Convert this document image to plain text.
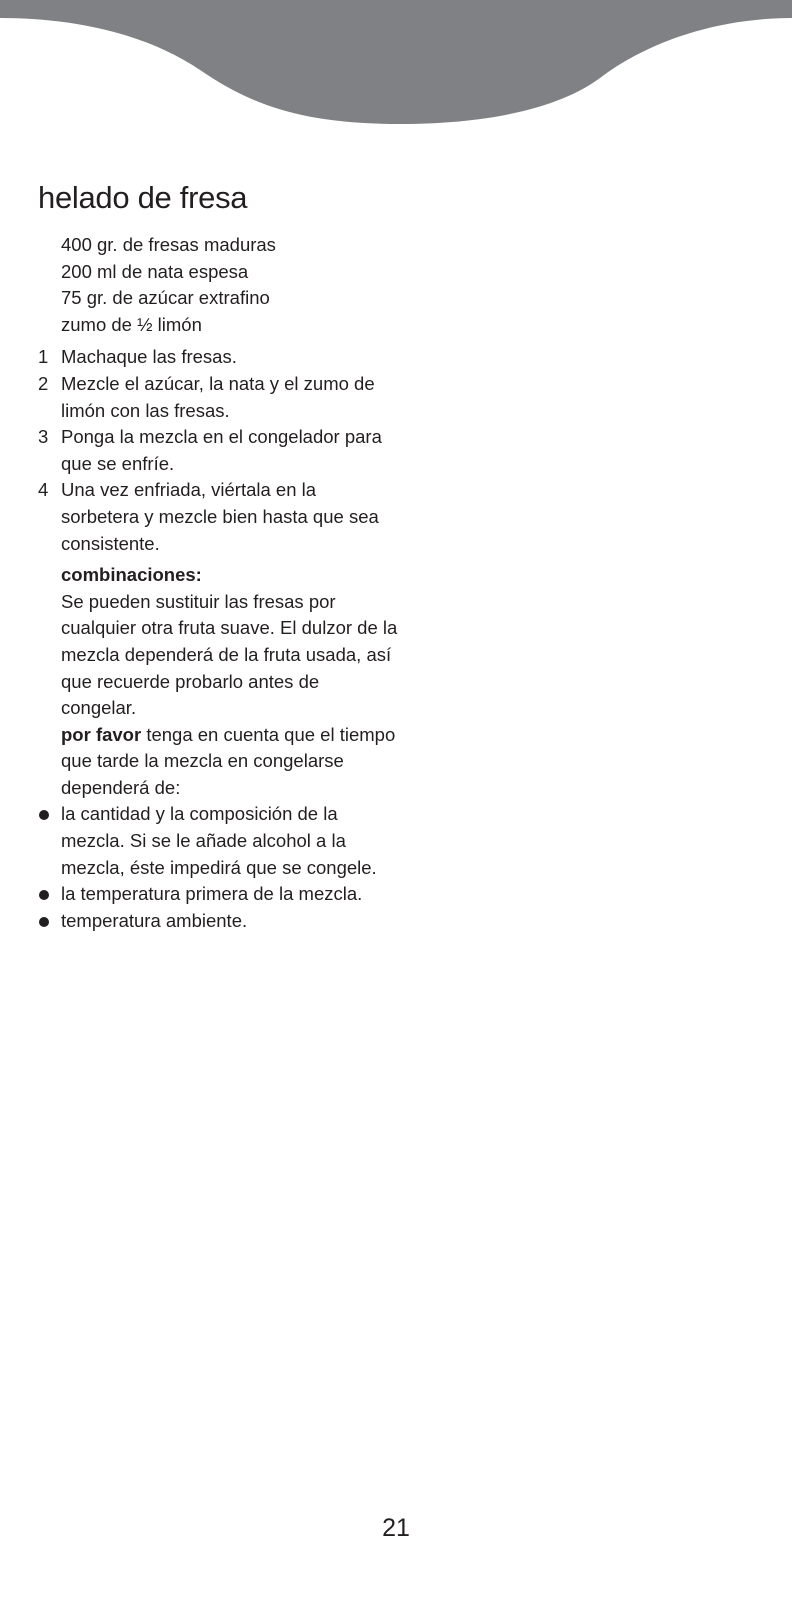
helado de fresa
400 gr. de fresas maduras
200 ml de nata espesa
75 gr. de azúcar extrafino
zumo de ½ limón
1 Machaque las fresas.
2 Mezcle el azúcar, la nata y el zumo de limón con las fresas.
3 Ponga la mezcla en el congelador para que se enfríe.
4 Una vez enfriada, viértala en la sorbetera y mezcle bien hasta que sea consistente.
combinaciones:
Se pueden sustituir las fresas por cualquier otra fruta suave. El dulzor de la mezcla dependerá de la fruta usada, así que recuerde probarlo antes de congelar.
por favor tenga en cuenta que el tiempo que tarde la mezcla en congelarse dependerá de:
la cantidad y la composición de la mezcla. Si se le añade alcohol a la mezcla, éste impedirá que se congele.
la temperatura primera de la mezcla.
temperatura ambiente.
21
